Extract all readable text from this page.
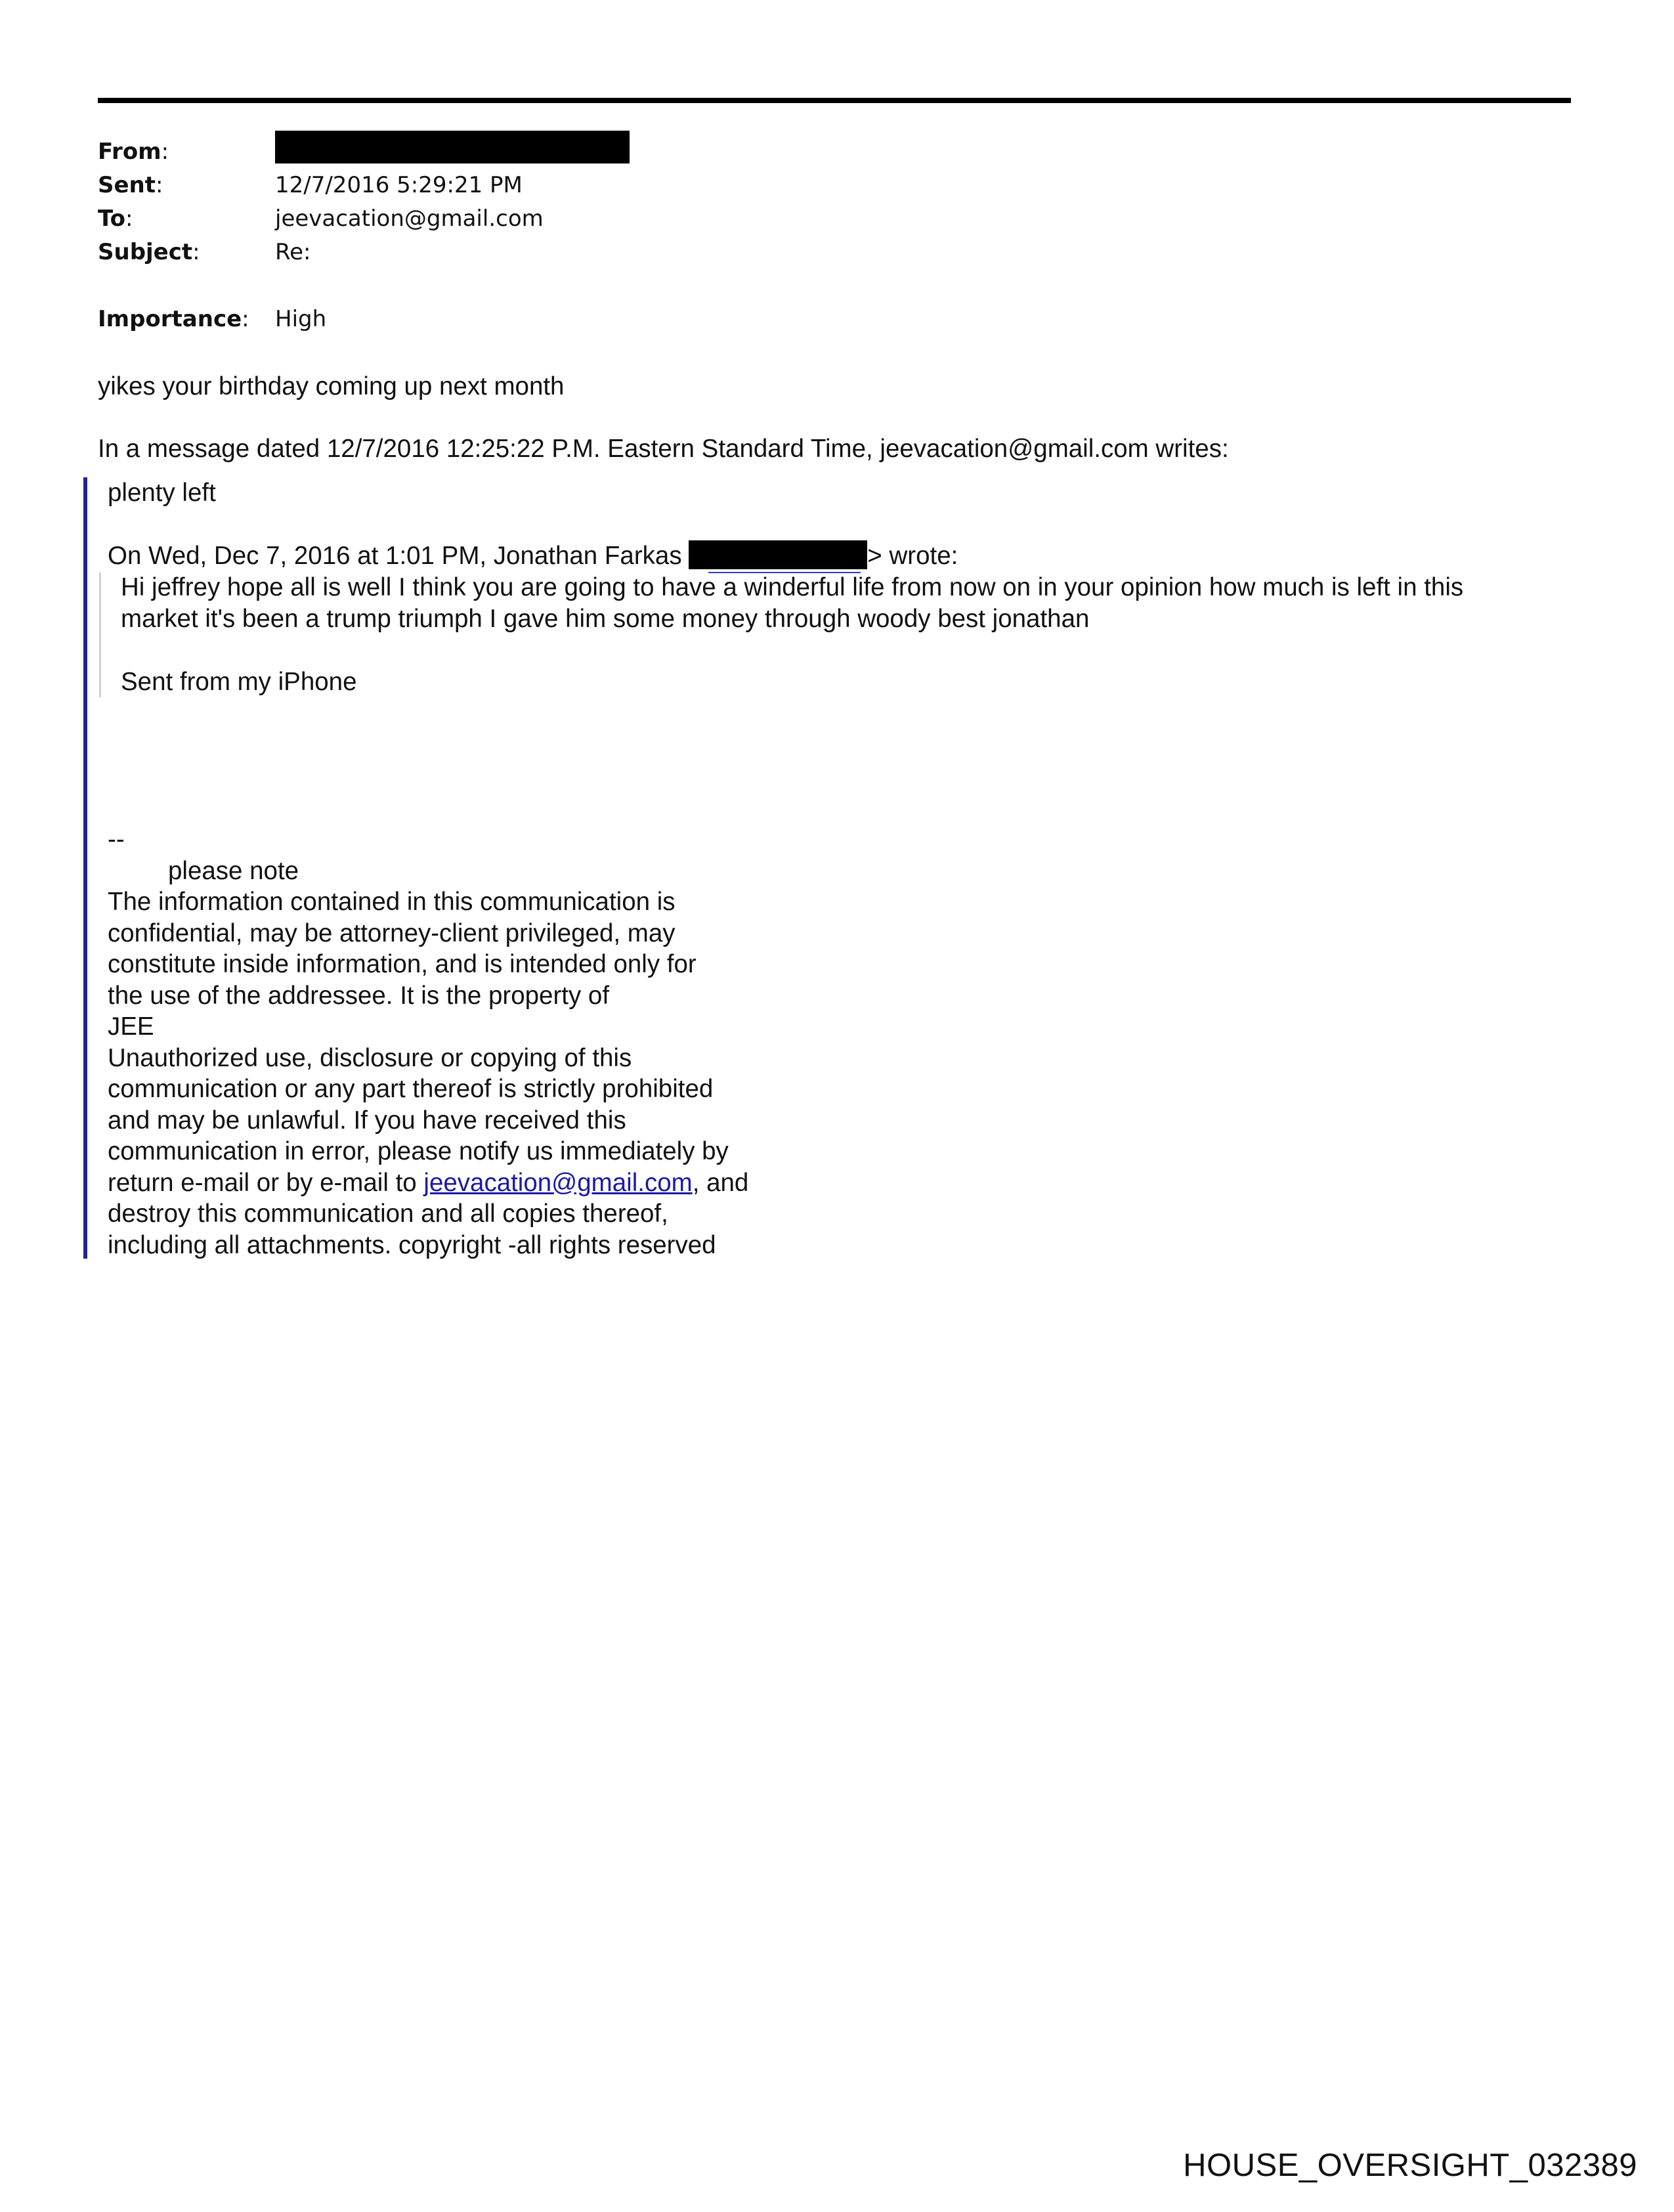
From:
Sent:	12/7/2016 5:29:21 PM
To:	jeevacation@gmail.com
Subject:	Re:
Importance:	High
yikes your birthday coming up next month
In a message dated 12/7/2016 12:25:22 P.M. Eastern Standard Time, jeevacation@gmail.com writes:
plenty left
On Wed, Dec 7, 2016 at 1:01 PM, Jonathan Farkas	> wrote:
Hi jeffrey hope all is well I think you are going to have a winderful life from now on in your opinion how much is left in this
market it's been a trump triumph I gave him some money through woody best jonathan
Sent from my iPhone
--
please note
The information contained in this communication is
confidential, may be attorney-client privileged, may
constitute inside information, and is intended only for
the use of the addressee. It is the property of
JEE
Unauthorized use, disclosure or copying of this
communication or any part thereof is strictly prohibited
and may be unlawful. If you have received this
communication in error, please notify us immediately by
return e-mail or by e-mail to jeevacation@gmail.com, and
destroy this communication and all copies thereof,
including all attachments. copyright -all rights reserved
HOUSE_OVERSIGHT_032389
